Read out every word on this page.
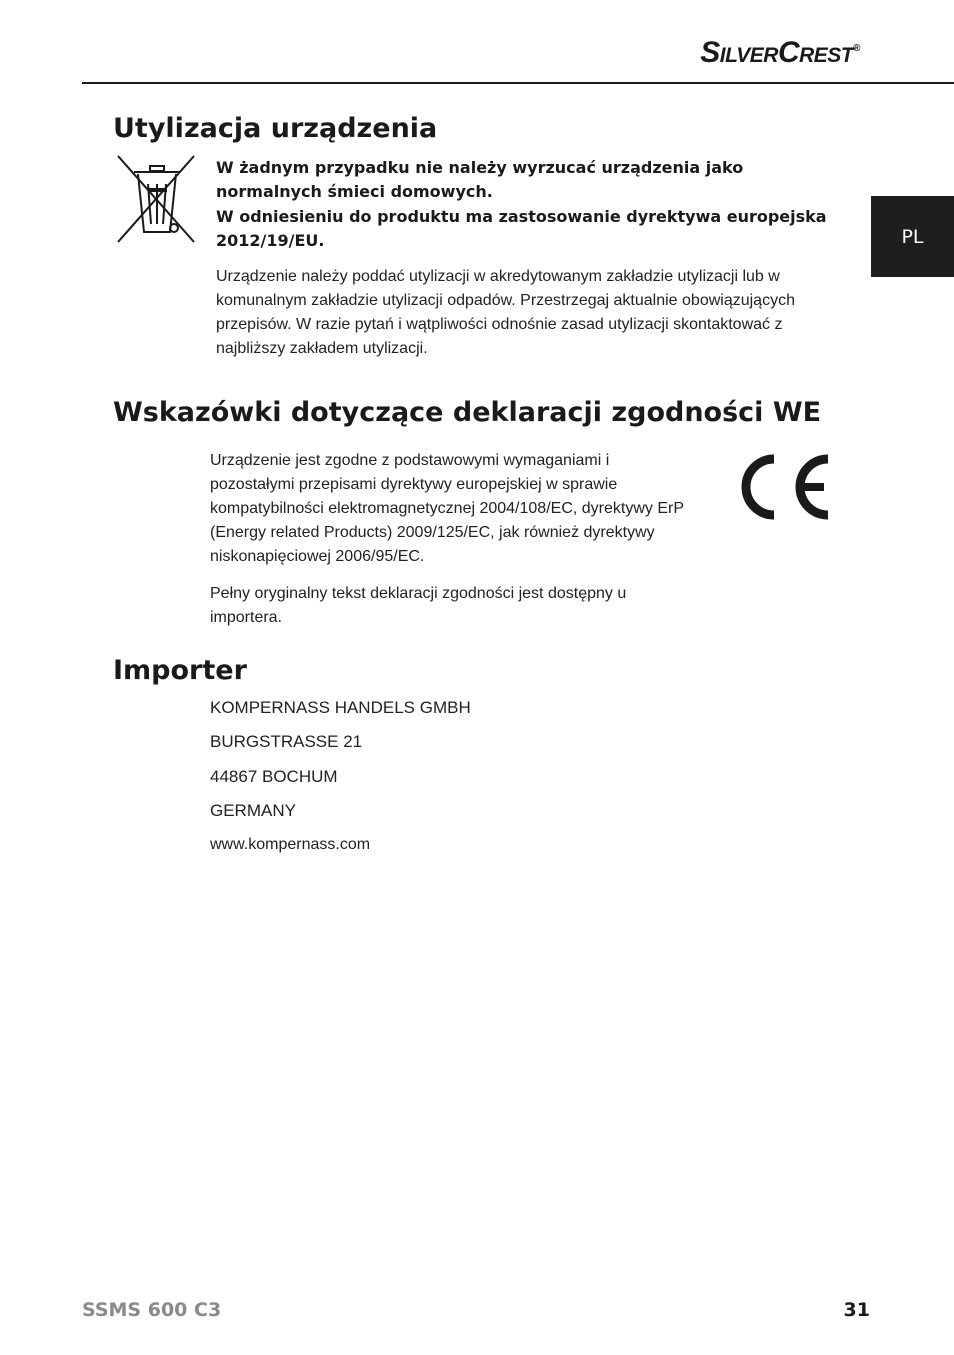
SilverCrest®
PL
Utylizacja urządzenia

W żadnym przypadku nie należy wyrzucać urządzenia jako normalnych śmieci domowych.

W odniesieniu do produktu ma zastosowanie dyrektywa europejska 2012/19/EU.

Urządzenie należy poddać utylizacji w akredytowanym zakładzie utylizacji lub w komunalnym zakładzie utylizacji odpadów. Przestrzegaj aktualnie obowiązujących przepisów. W razie pytań i wątpliwości odnośnie zasad utylizacji skontaktować z najbliższy zakładem utylizacji.

Wskazówki dotyczące deklaracji zgodności WE

Urządzenie jest zgodne z podstawowymi wymaganiami i pozostałymi przepisami dyrektywy europejskiej w sprawie kompatybilności elektromagnetycznej 2004/108/EC, dyrektywy ErP (Energy related Products) 2009/125/EC, jak również dyrektywy niskonapięciowej 2006/95/EC.

Pełny oryginalny tekst deklaracji zgodności jest dostępny u importera.

Importer

KOMPERNASS HANDELS GMBH

BURGSTRASSE 21

44867 BOCHUM

GERMANY

www.kompernass.com

SSMS 600 C3	31
